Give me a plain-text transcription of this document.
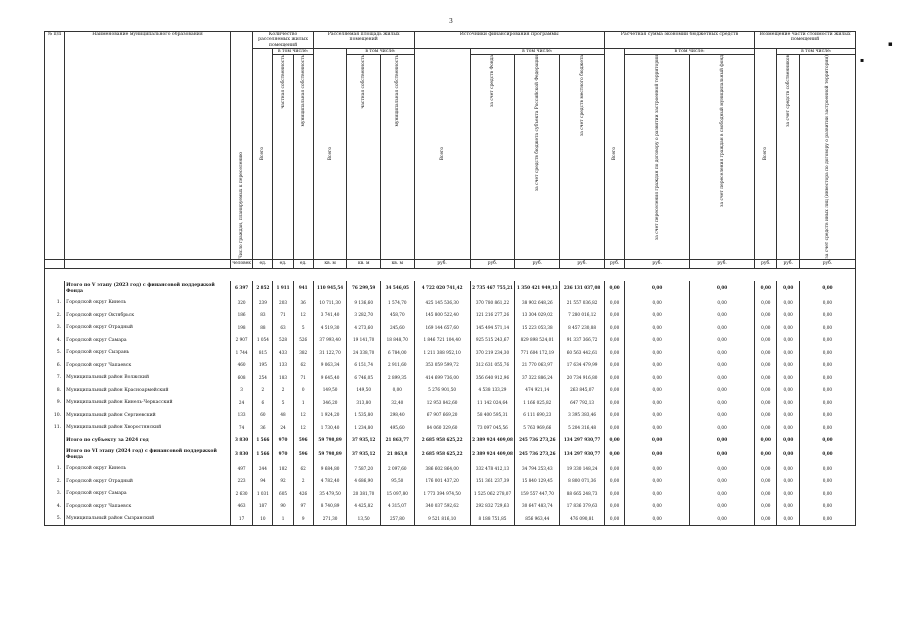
3
▪
▪
№ п/п	Наименование муниципального образования	Число граждан, планируемых к переселению	Количество расселяемых жилых помещений			Расселяемая площадь жилых помещений			Источники финансирования программы				Расчетная сумма экономии бюджетных средств			Возмещение части стоимости жилых помещений		

			Всего	в том числе:		Всего	в том числе:		Всего	в том числе:			Всего	в том числе:		Всего	в том числе:	

				частная собственность	муниципальная собственность		частная собственность	муниципальная собственность		за счет средств Фонда	за счет средств бюджета субъекта Российской Федерации	за счет средств местного бюджета		за счет переселения граждан по договору о развитии застроенной территории	за счет переселения граждан в свободный муниципальный фонд		за счет средств собственников	за счет средств иных лиц (инвестора по договору о развитии застроенной территории)

		человек	ед.	ед.	ед.	кв. м	кв. м	кв. м	руб.	руб.	руб.	руб.	руб.	руб.	руб.	руб.	руб.	руб.

	Итого по V этапу (2023 год) с финансовой поддержкой Фонда	6 397	2 852	1 911	941	110 945,54	76 299,59	34 546,05	4 722 020 741,42	2 735 467 755,21	1 350 421 949,13	236 131 037,08	0,00	0,00	0,00	0,00	0,00	0,00
1.	Городской округ Кинель	320	239	203	36	10 711,30	9 136,60	1 574,70	425 145 536,30	370 780 861,22	38 902 648,26	21 557 036,82	0,00	0,00	0,00	0,00	0,00	0,00
2.	Городской округ Октябрьск	186	83	71	12	3 741,40	3 282,70	458,70	145 800 522,40	121 216 277,26	13 304 029,02	7 280 016,12	0,00	0,00	0,00	0,00	0,00	0,00
3.	Городской округ Отрадный	198	88	63	5	4 519,30	4 273,60	245,60	169 144 657,60	145 494 571,14	15 223 053,38	8 457 230,88	0,00	0,00	0,00	0,00	0,00	0,00
4.	Городской округ Самара	2 907	1 054	528	526	37 993,40	19 141,70	18 848,70	1 846 721 104,40	925 515 243,67	829 898 524,01	91 337 366,72	0,00	0,00	0,00	0,00	0,00	0,00
5.	Городской округ Сызрань	1 744	815	433	382	31 122,70	24 338,70	6 784,00	1 211 388 952,10	370 219 234,30	771 604 172,19	60 563 442,61	0,00	0,00	0,00	0,00	0,00	0,00
6.	Городской округ Чапаевск	460	195	133	62	9 063,34	6 151,74	2 911,60	353 059 599,72	312 631 055,76	21 770 063,97	17 634 479,99	0,00	0,00	0,00	0,00	0,00	0,00
7.	Муниципальный район Волжский	608	254	183	71	9 645,40	6 746,05	2 899,35	414 699 736,00	356 640 912,96	37 322 886,24	20 734 916,80	0,00	0,00	0,00	0,00	0,00	0,00
8.	Муниципальный район Красноармейский	3	2	2	0	149,50	149,50	0,00	5 276 901,50	4 538 133,29	474 921,14	263 845,07	0,00	0,00	0,00	0,00	0,00	0,00
9.	Муниципальный район Кинель-Черкасский	24	6	5	1	346,20	313,80	32,40	12 953 842,60	11 142 024,64	1 166 025,82	647 792,13	0,00	0,00	0,00	0,00	0,00	0,00
10.	Муниципальный район Сергиевский	133	60	48	12	1 924,20	1 535,80	298,40	67 907 669,20	58 400 595,31	6 111 690,23	3 395 383,46	0,00	0,00	0,00	0,00	0,00	0,00
11.	Муниципальный район Хворостянский	74	36	24	12	1 730,40	1 234,80	495,60	84 060 329,60	73 097 045,56	5 763 969,66	5 204 316,48	0,00	0,00	0,00	0,00	0,00	0,00
	Итого по субъекту за 2024 год	3 830	1 566	970	596	59 798,89	37 935,12	21 863,77	2 685 958 625,22	2 389 924 409,08	245 736 273,26	134 297 930,77	0,00	0,00	0,00	0,00	0,00	0,00
	Итого по VI этапу (2024 год) с финансовой поддержкой Фонда	3 830	1 566	970	596	59 798,89	37 935,12	21 863,8	2 685 958 625,22	2 389 924 409,08	245 736 273,26	134 297 930,77	0,00	0,00	0,00	0,00	0,00	0,00
1.	Городской округ Кинель	497	244	182	62	9 684,80	7 587,20	2 097,60	386 602 864,00	332 478 412,13	34 794 253,43	19 330 148,24	0,00	0,00	0,00	0,00	0,00	0,00
2.	Городской округ Отрадный	223	94	92	2	4 782,40	4 686,90	95,50	176 001 437,20	151 361 237,39	15 840 129,45	8 800 071,36	0,00	0,00	0,00	0,00	0,00	0,00
3.	Городской округ Самара	2 630	1 031	605	426	35 479,50	20 381,70	15 097,80	1 773 394 974,50	1 525 062 278,07	159 557 447,70	88 665 248,73	0,00	0,00	0,00	0,00	0,00	0,00
4.	Городской округ Чапаевск	463	187	90	97	8 740,89	4 425,82	4 315,07	340 037 592,62	292 832 729,63	30 647 483,74	17 836 379,63	0,00	0,00	0,00	0,00	0,00	0,00
5.	Муниципальный район Сызранский	17	10	1	9	271,30	13,50	257,80	9 521 816,10	8 188 751,85	856 963,44	476 090,81	0,00	0,00	0,00	0,00	0,00	0,00
